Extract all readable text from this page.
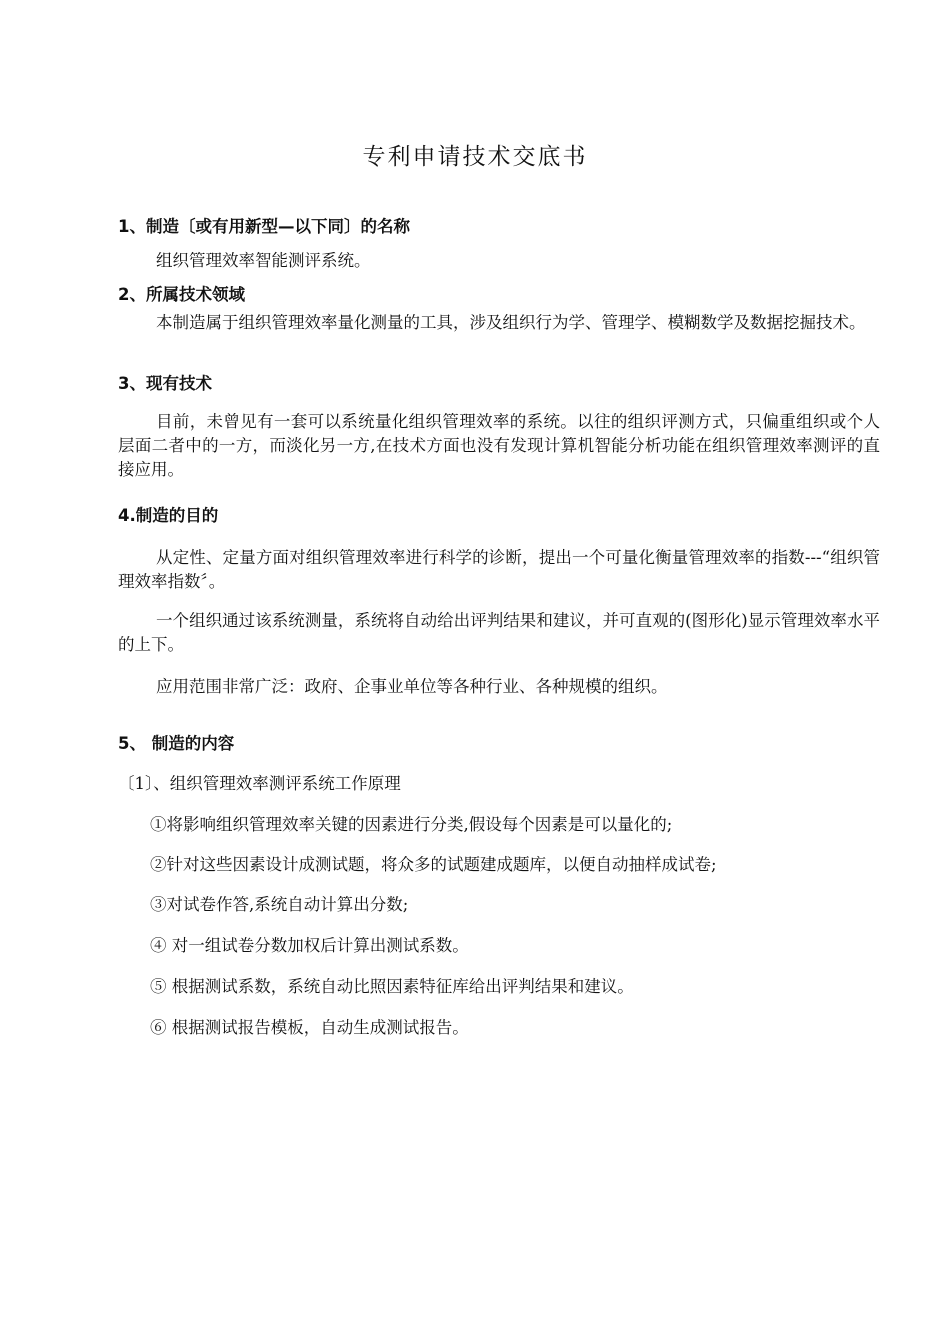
专利申请技术交底书
1、制造〔或有用新型—以下同〕的名称
组织管理效率智能测评系统。
2、所属技术领域
本制造属于组织管理效率量化测量的工具，涉及组织行为学、管理学、模糊数学及数据挖掘技术。
3、现有技术
目前，未曾见有一套可以系统量化组织管理效率的系统。以往的组织评测方式，只偏重组织或个人层面二者中的一方，而淡化另一方,在技术方面也没有发现计算机智能分析功能在组织管理效率测评的直接应用。
4.制造的目的
从定性、定量方面对组织管理效率进行科学的诊断，提出一个可量化衡量管理效率的指数---“组织管理效率指数〞。
一个组织通过该系统测量，系统将自动给出评判结果和建议，并可直观的(图形化)显示管理效率水平的上下。
应用范围非常广泛：政府、企事业单位等各种行业、各种规模的组织。
5、 制造的内容
〔1〕、组织管理效率测评系统工作原理
①将影响组织管理效率关键的因素进行分类,假设每个因素是可以量化的;
②针对这些因素设计成测试题，将众多的试题建成题库，以便自动抽样成试卷;
③对试卷作答,系统自动计算出分数;
④ 对一组试卷分数加权后计算出测试系数。
⑤ 根据测试系数，系统自动比照因素特征库给出评判结果和建议。
⑥ 根据测试报告模板，自动生成测试报告。
